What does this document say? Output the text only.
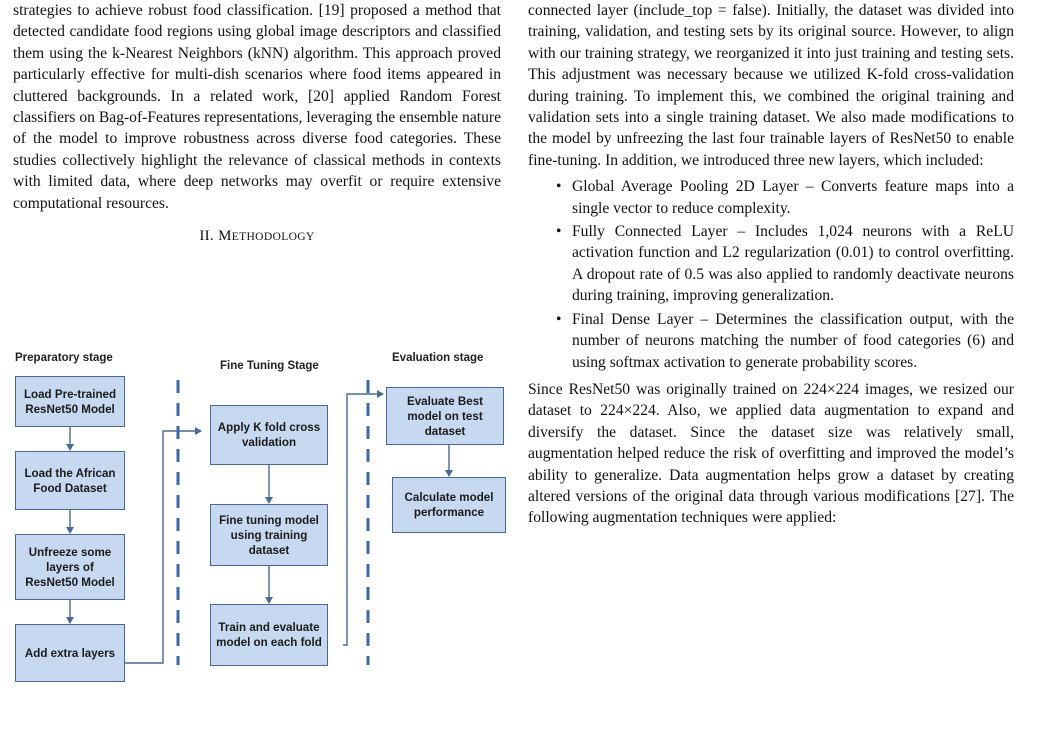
strategies to achieve robust food classification. [19] proposed a method that detected candidate food regions using global image descriptors and classified them using the k-Nearest Neighbors (kNN) algorithm. This approach proved particularly effective for multi-dish scenarios where food items appeared in cluttered backgrounds. In a related work, [20] applied Random Forest classifiers on Bag-of-Features representations, leveraging the ensemble nature of the model to improve robustness across diverse food categories. These studies collectively highlight the relevance of classical methods in contexts with limited data, where deep networks may overfit or require extensive computational resources.

II. METHODOLOGY
Preparatory stage
Fine Tuning Stage
Evaluation stage
Load Pre-trained ResNet50 Model
Load the African Food Dataset
Unfreeze some layers of ResNet50 Model
Add extra layers
Apply K fold cross validation
Fine tuning model using training dataset
Train and evaluate model on each fold
Evaluate Best model on test dataset
Calculate model performance

connected layer (include_top = false). Initially, the dataset was divided into training, validation, and testing sets by its original source. However, to align with our training strategy, we reorganized it into just training and testing sets. This adjustment was necessary because we utilized K-fold cross-validation during training. To implement this, we combined the original training and validation sets into a single training dataset. We also made modifications to the model by unfreezing the last four trainable layers of ResNet50 to enable fine-tuning. In addition, we introduced three new layers, which included:

• Global Average Pooling 2D Layer – Converts feature maps into a single vector to reduce complexity.
• Fully Connected Layer – Includes 1,024 neurons with a ReLU activation function and L2 regularization (0.01) to control overfitting. A dropout rate of 0.5 was also applied to randomly deactivate neurons during training, improving generalization.
• Final Dense Layer – Determines the classification output, with the number of neurons matching the number of food categories (6) and using softmax activation to generate probability scores.

Since ResNet50 was originally trained on 224×224 images, we resized our dataset to 224×224. Also, we applied data augmentation to expand and diversify the dataset. Since the dataset size was relatively small, augmentation helped reduce the risk of overfitting and improved the model’s ability to generalize. Data augmentation helps grow a dataset by creating altered versions of the original data through various modifications [27]. The following augmentation techniques were applied:
